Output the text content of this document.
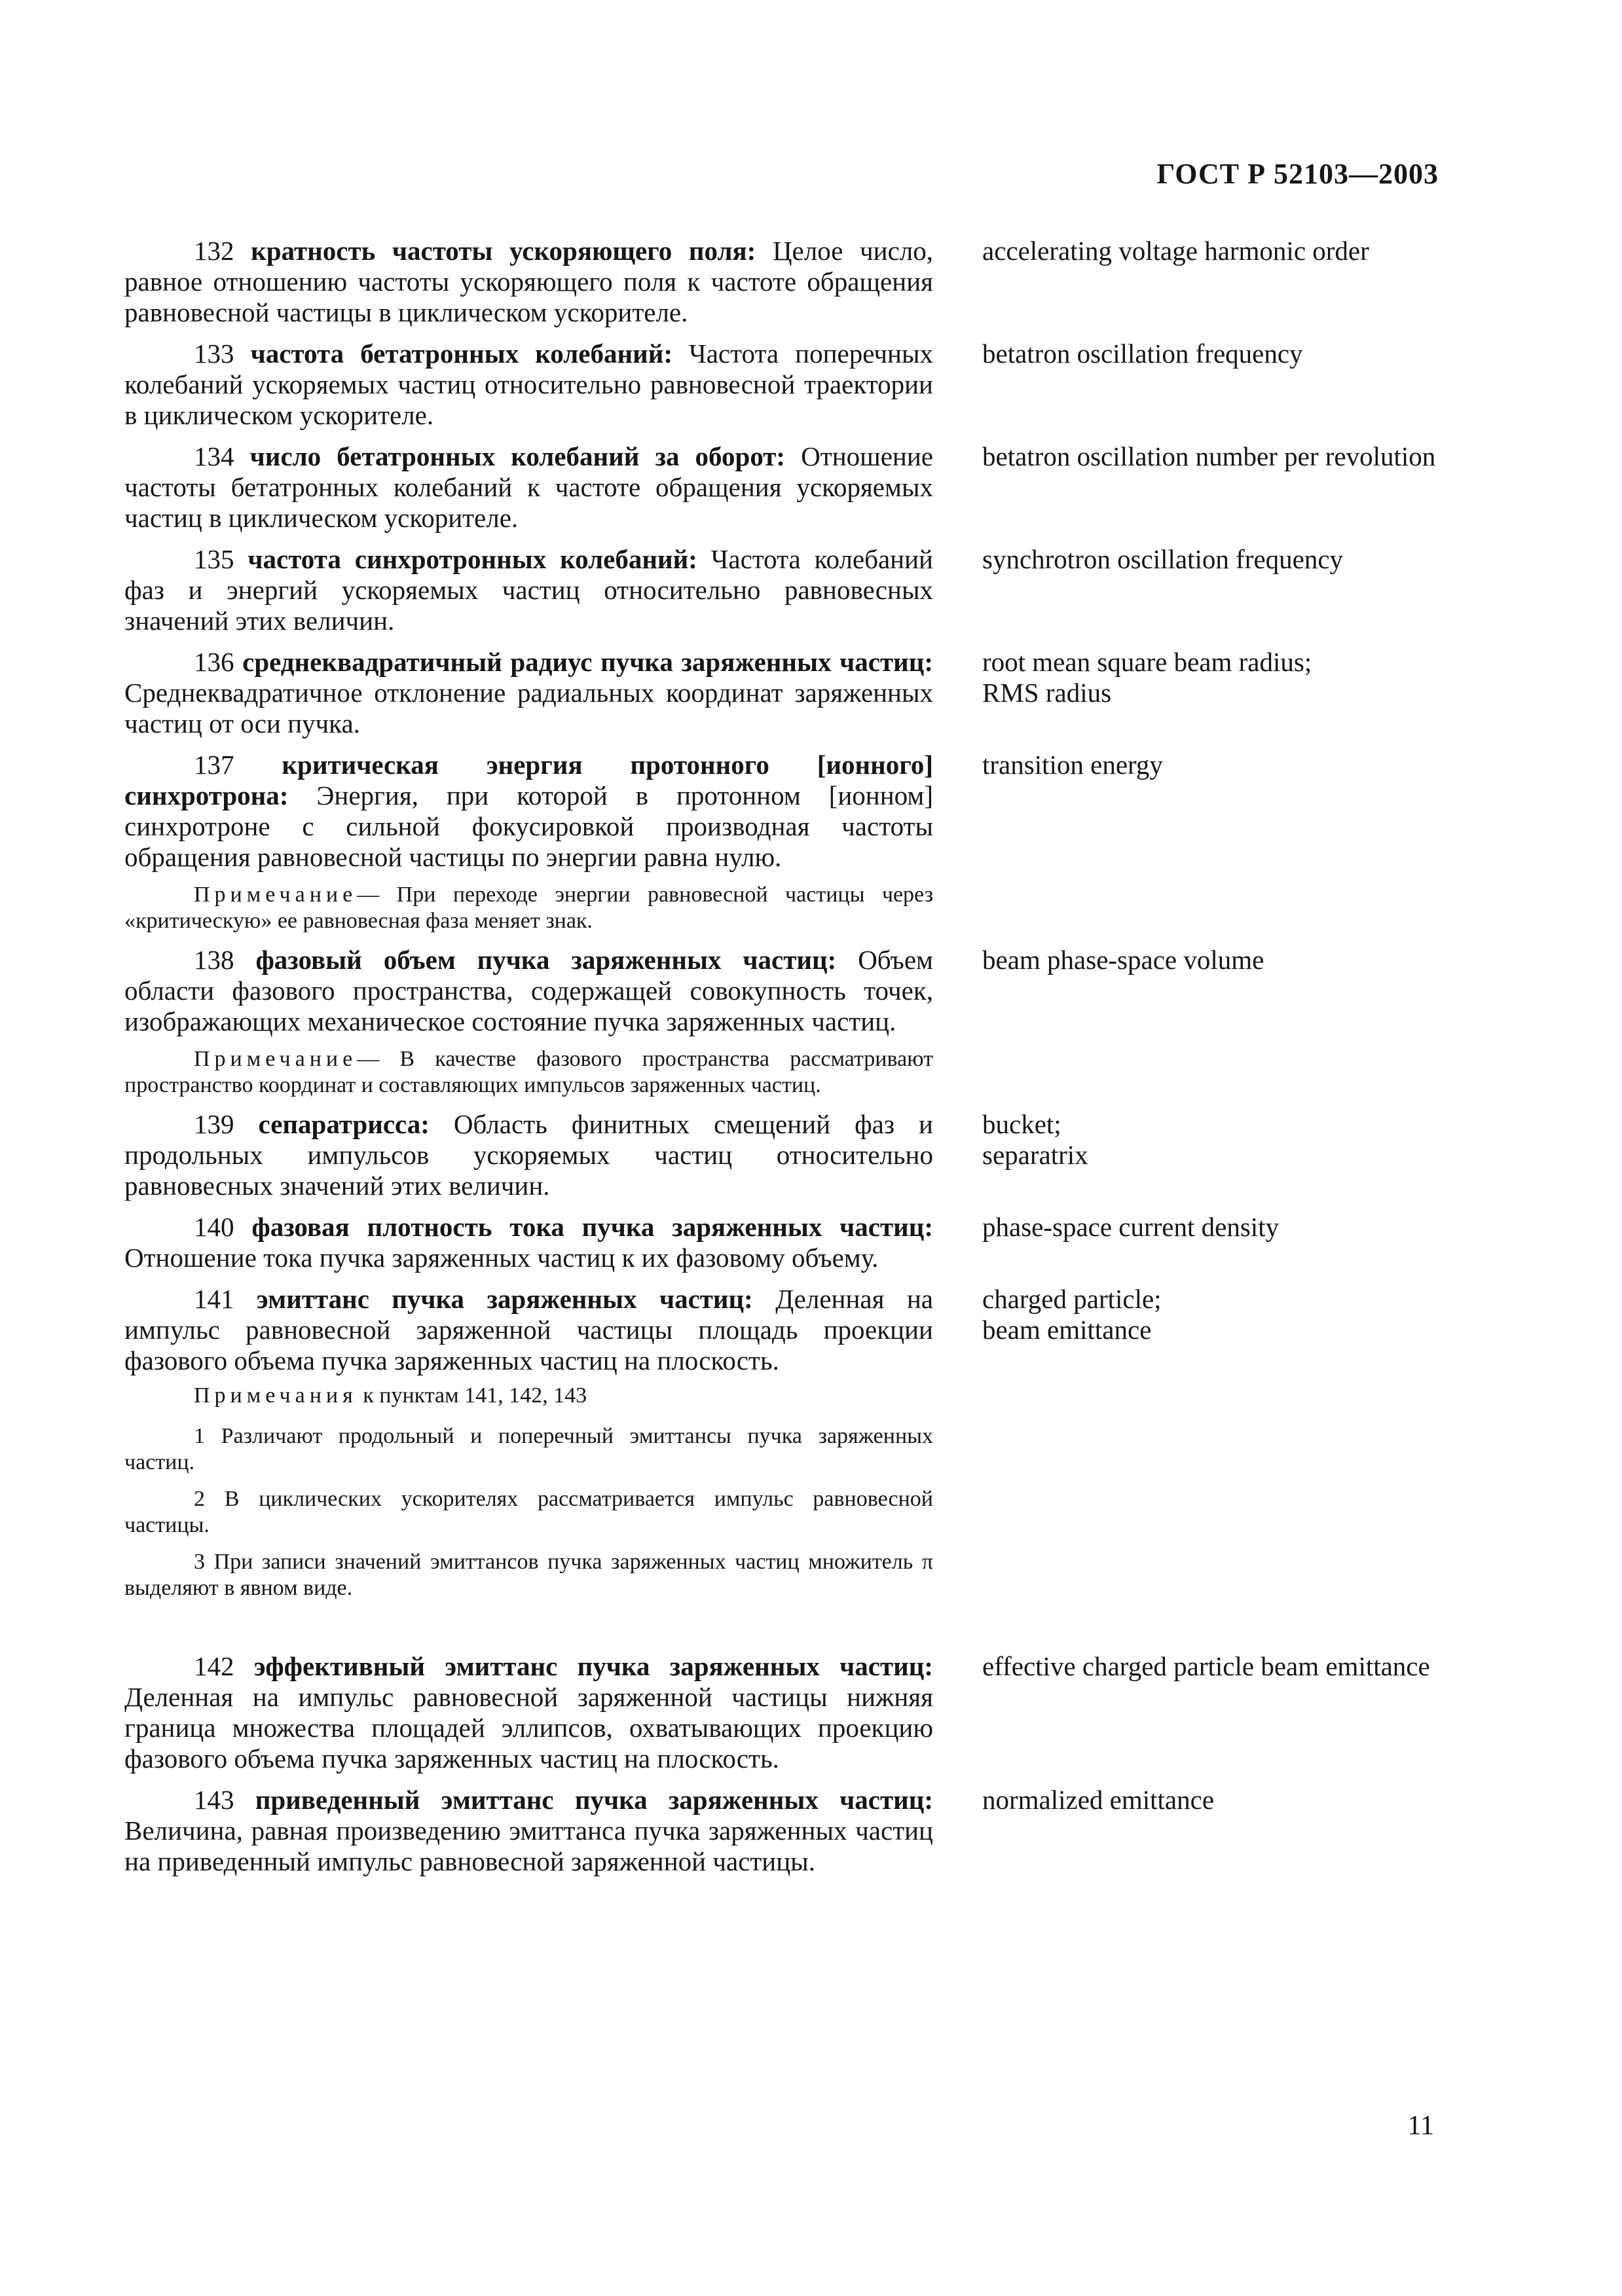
ГОСТ Р 52103—2003

132 кратность частоты ускоряющего поля: Целое число, равное отношению частоты ускоряющего поля к частоте обращения равновесной частицы в циклическом ускорителе.

accelerating voltage harmonic order

133 частота бетатронных колебаний: Частота поперечных колебаний ускоряемых частиц относительно равновесной траектории в циклическом ускорителе.

betatron oscillation frequency

134 число бетатронных колебаний за оборот: Отношение частоты бетатронных колебаний к частоте обращения ускоряемых частиц в циклическом ускорителе.

betatron oscillation number per revolution

135 частота синхротронных колебаний: Частота колебаний фаз и энергий ускоряемых частиц относительно равновесных значений этих величин.

synchrotron oscillation frequency

136 среднеквадратичный радиус пучка заряженных частиц: Среднеквадратичное отклонение радиальных координат заряженных частиц от оси пучка.

root mean square beam radius;
RMS radius

137 критическая энергия протонного [ионного] синхротрона: Энергия, при которой в протонном [ионном] синхротроне с сильной фокусировкой производная частоты обращения равновесной частицы по энергии равна нулю.

Примечание— При переходе энергии равновесной частицы через «критическую» ее равновесная фаза меняет знак.
transition energy

138 фазовый объем пучка заряженных частиц: Объем области фазового пространства, содержащей совокупность точек, изображающих механическое состояние пучка заряженных частиц.

Примечание— В качестве фазового пространства рассматривают пространство координат и составляющих импульсов заряженных частиц.
beam phase-space volume

139 сепаратрисса: Область финитных смещений фаз и продольных импульсов ускоряемых частиц относительно равновесных значений этих величин.

bucket;
separatrix

140 фазовая плотность тока пучка заряженных частиц: Отношение тока пучка заряженных частиц к их фазовому объему.

phase-space current density

141 эмиттанс пучка заряженных частиц: Деленная на импульс равновесной заряженной частицы площадь проекции фазового объема пучка заряженных частиц на плоскость.

Примечания к пунктам 141, 142, 143
1 Различают продольный и поперечный эмиттансы пучка заряженных частиц.
2 В циклических ускорителях рассматривается импульс равновесной частицы.
3 При записи значений эмиттансов пучка заряженных частиц множитель π выделяют в явном виде.
charged particle;
beam emittance

142 эффективный эмиттанс пучка заряженных частиц: Деленная на импульс равновесной заряженной частицы нижняя граница множества площадей эллипсов, охватывающих проекцию фазового объема пучка заряженных частиц на плоскость.

effective charged particle beam emittance

143 приведенный эмиттанс пучка заряженных частиц: Величина, равная произведению эмиттанса пучка заряженных частиц на приведенный импульс равновесной заряженной частицы.

normalized emittance
11
